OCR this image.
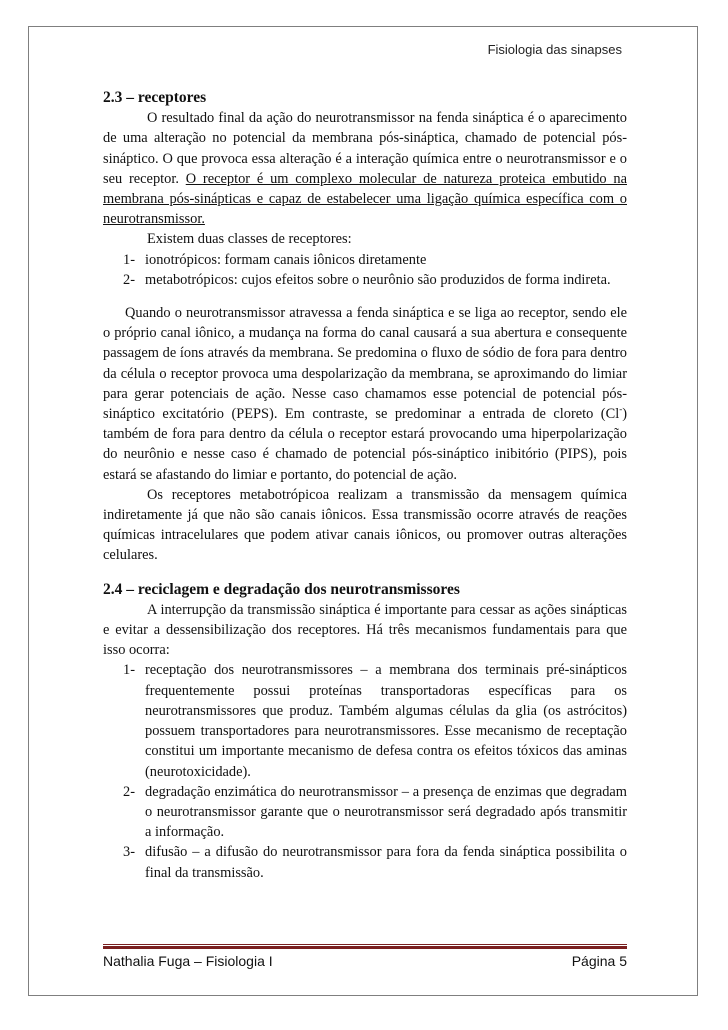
Fisiologia das sinapses
2.3 – receptores

O resultado final da ação do neurotransmissor na fenda sináptica é o aparecimento de uma alteração no potencial da membrana pós-sináptica, chamado de potencial pós-sináptico. O que provoca essa alteração é a interação química entre o neurotransmissor e o seu receptor. O receptor é um complexo molecular de natureza proteica embutido na membrana pós-sinápticas e capaz de estabelecer uma ligação química específica com o neurotransmissor.

Existem duas classes de receptores:

1- ionotrópicos: formam canais iônicos diretamente
2- metabotrópicos: cujos efeitos sobre o neurônio são produzidos de forma indireta.

Quando o neurotransmissor atravessa a fenda sináptica e se liga ao receptor, sendo ele o próprio canal iônico, a mudança na forma do canal causará a sua abertura e consequente passagem de íons através da membrana. Se predomina o fluxo de sódio de fora para dentro da célula o receptor provoca uma despolarização da membrana, se aproximando do limiar para gerar potenciais de ação. Nesse caso chamamos esse potencial de potencial pós-sináptico excitatório (PEPS). Em contraste, se predominar a entrada de cloreto (Cl-) também de fora para dentro da célula o receptor estará provocando uma hiperpolarização do neurônio e nesse caso é chamado de potencial pós-sináptico inibitório (PIPS), pois estará se afastando do limiar e portanto, do potencial de ação.

Os receptores metabotrópicoa realizam a transmissão da mensagem química indiretamente já que não são canais iônicos. Essa transmissão ocorre através de reações químicas intracelulares que podem ativar canais iônicos, ou promover outras alterações celulares.

2.4 – reciclagem e degradação dos neurotransmissores

A interrupção da transmissão sináptica é importante para cessar as ações sinápticas e evitar a dessensibilização dos receptores. Há três mecanismos fundamentais para que isso ocorra:

1- receptação dos neurotransmissores – a membrana dos terminais pré-sinápticos frequentemente possui proteínas transportadoras específicas para os neurotransmissores que produz. Também algumas células da glia (os astrócitos) possuem transportadores para neurotransmissores. Esse mecanismo de receptação constitui um importante mecanismo de defesa contra os efeitos tóxicos das aminas (neurotoxicidade).
2- degradação enzimática do neurotransmissor – a presença de enzimas que degradam o neurotransmissor garante que o neurotransmissor será degradado após transmitir a informação.
3- difusão – a difusão do neurotransmissor para fora da fenda sináptica possibilita o final da transmissão.
Nathalia Fuga – Fisiologia I	Página 5
